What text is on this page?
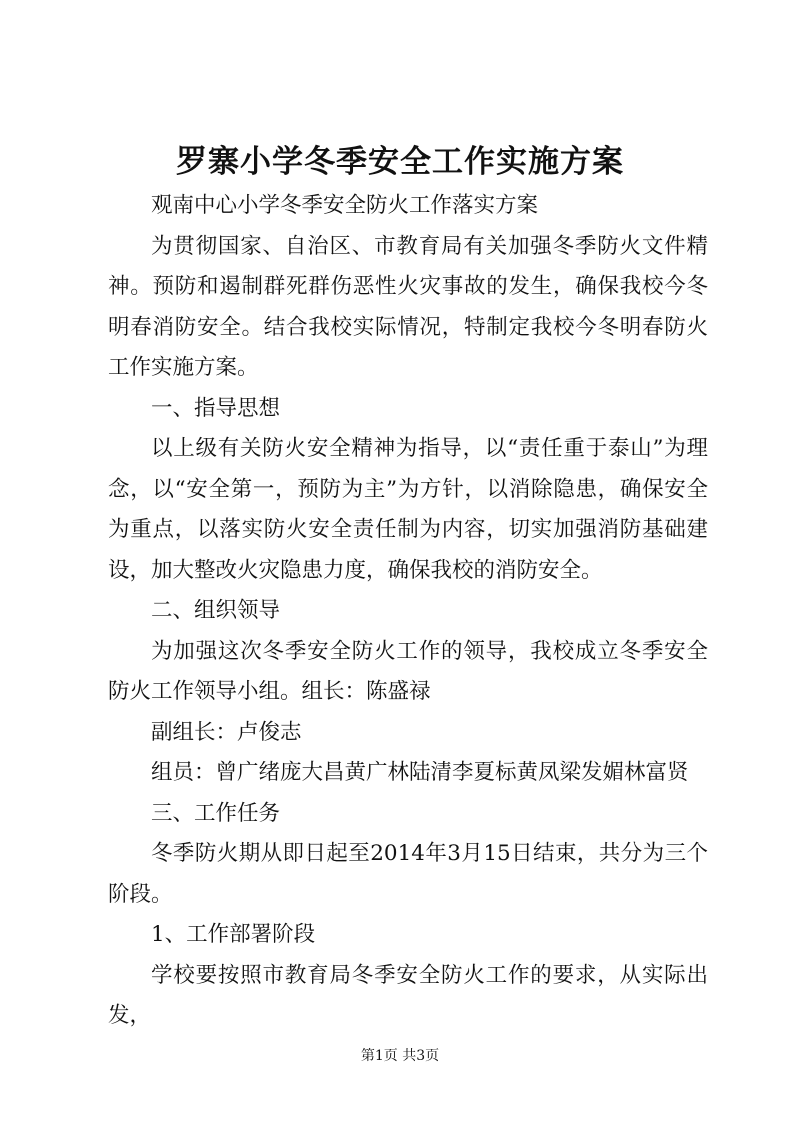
罗寨小学冬季安全工作实施方案

观南中心小学冬季安全防火工作落实方案

为贯彻国家、自治区、市教育局有关加强冬季防火文件精神。预防和遏制群死群伤恶性火灾事故的发生，确保我校今冬明春消防安全。结合我校实际情况，特制定我校今冬明春防火工作实施方案。

一、指导思想

以上级有关防火安全精神为指导，以“责任重于泰山”为理念，以“安全第一，预防为主”为方针，以消除隐患，确保安全为重点，以落实防火安全责任制为内容，切实加强消防基础建设，加大整改火灾隐患力度，确保我校的消防安全。

二、组织领导

为加强这次冬季安全防火工作的领导，我校成立冬季安全防火工作领导小组。组长：陈盛禄

副组长：卢俊志

组员：曾广绪庞大昌黄广林陆清李夏标黄凤梁发媚林富贤

三、工作任务

冬季防火期从即日起至2014年3月15日结束，共分为三个阶段。

1、工作部署阶段

学校要按照市教育局冬季安全防火工作的要求，从实际出发，

第1页 共3页
